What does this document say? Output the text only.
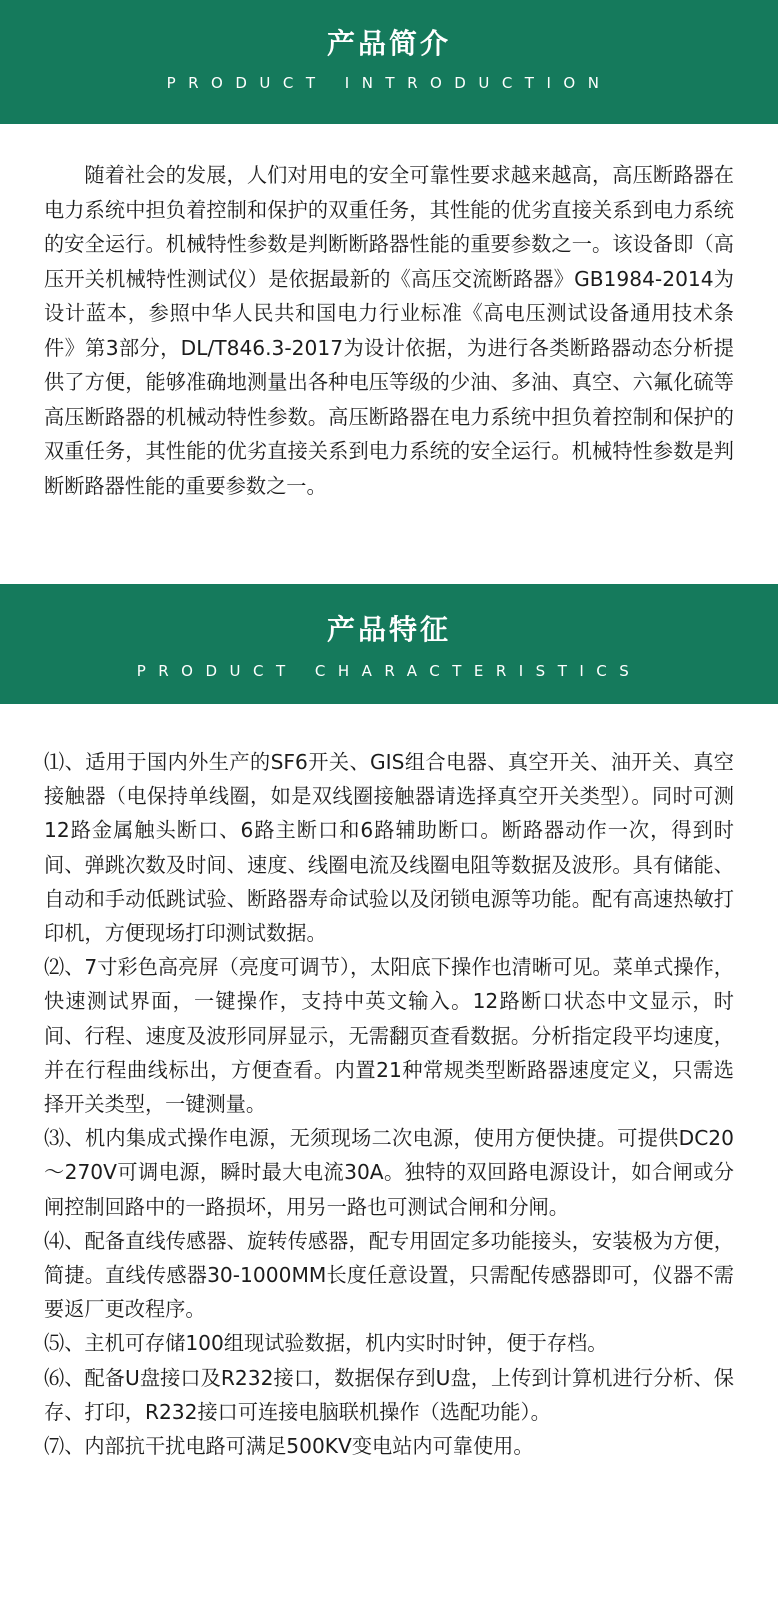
产品简介
PRODUCT INTRODUCTION

随着社会的发展，人们对用电的安全可靠性要求越来越高，高压断路器在电力系统中担负着控制和保护的双重任务，其性能的优劣直接关系到电力系统的安全运行。机械特性参数是判断断路器性能的重要参数之一。该设备即（高压开关机械特性测试仪）是依据最新的《高压交流断路器》GB1984-2014为设计蓝本，参照中华人民共和国电力行业标准《高电压测试设备通用技术条件》第3部分，DL/T846.3-2017为设计依据，为进行各类断路器动态分析提供了方便，能够准确地测量出各种电压等级的少油、多油、真空、六氟化硫等高压断路器的机械动特性参数。高压断路器在电力系统中担负着控制和保护的双重任务，其性能的优劣直接关系到电力系统的安全运行。机械特性参数是判断断路器性能的重要参数之一。

产品特征
PRODUCT CHARACTERISTICS
⑴、适用于国内外生产的SF6开关、GIS组合电器、真空开关、油开关、真空接触器（电保持单线圈，如是双线圈接触器请选择真空开关类型）。同时可测12路金属触头断口、6路主断口和6路辅助断口。断路器动作一次，得到时间、弹跳次数及时间、速度、线圈电流及线圈电阻等数据及波形。具有储能、自动和手动低跳试验、断路器寿命试验以及闭锁电源等功能。配有高速热敏打印机，方便现场打印测试数据。
⑵、7寸彩色高亮屏（亮度可调节），太阳底下操作也清晰可见。菜单式操作，快速测试界面，一键操作，支持中英文输入。12路断口状态中文显示，时间、行程、速度及波形同屏显示，无需翻页查看数据。分析指定段平均速度，并在行程曲线标出，方便查看。内置21种常规类型断路器速度定义，只需选择开关类型，一键测量。
⑶、机内集成式操作电源，无须现场二次电源，使用方便快捷。可提供DC20～270V可调电源，瞬时最大电流30A。独特的双回路电源设计，如合闸或分闸控制回路中的一路损坏，用另一路也可测试合闸和分闸。
⑷、配备直线传感器、旋转传感器，配专用固定多功能接头，安装极为方便，简捷。直线传感器30-1000MM长度任意设置，只需配传感器即可，仪器不需要返厂更改程序。
⑸、主机可存储100组现试验数据，机内实时时钟，便于存档。
⑹、配备U盘接口及R232接口，数据保存到U盘，上传到计算机进行分析、保存、打印，R232接口可连接电脑联机操作（选配功能）。
⑺、内部抗干扰电路可满足500KV变电站内可靠使用。
